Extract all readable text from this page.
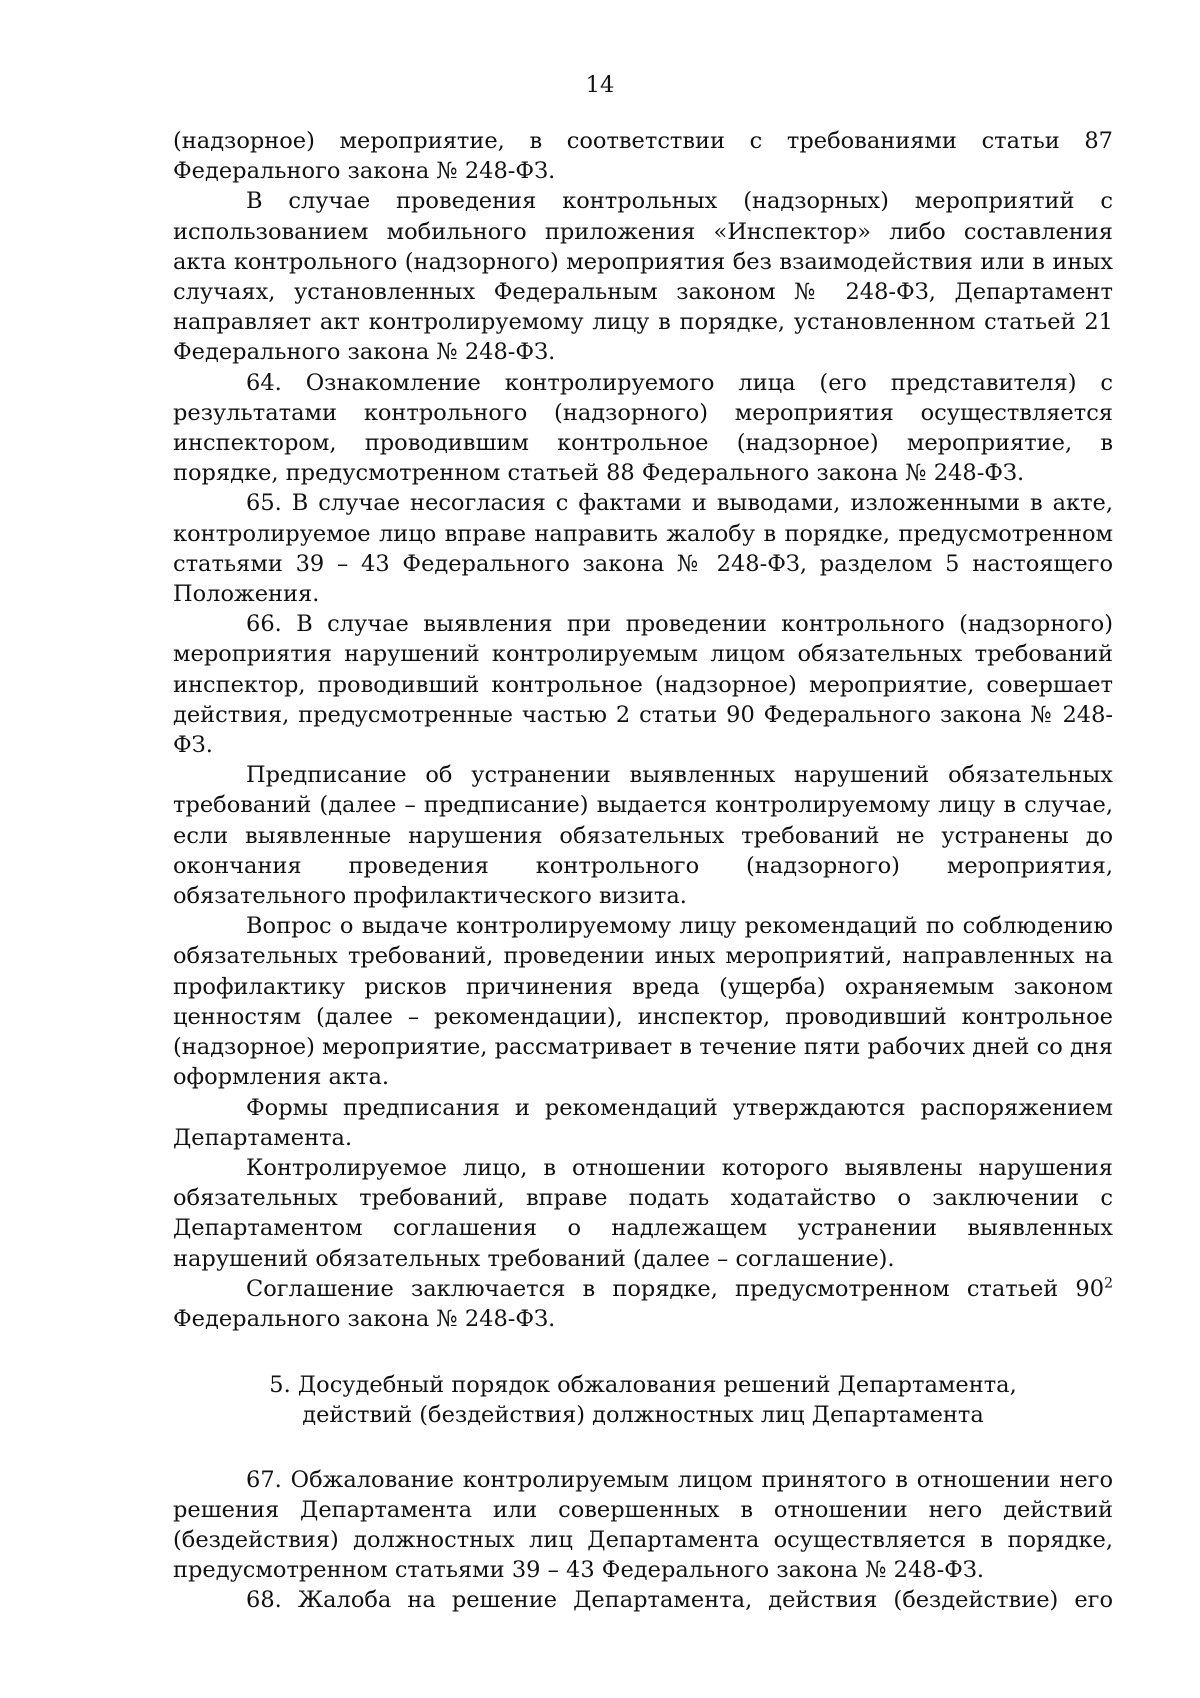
14

(надзорное) мероприятие, в соответствии с требованиями статьи 87 Федерального закона № 248-ФЗ.

В случае проведения контрольных (надзорных) мероприятий с использованием мобильного приложения «Инспектор» либо составления акта контрольного (надзорного) мероприятия без взаимодействия или в иных случаях, установленных Федеральным законом № 248-ФЗ, Департамент направляет акт контролируемому лицу в порядке, установленном статьей 21 Федерального закона № 248-ФЗ.

64. Ознакомление контролируемого лица (его представителя) с результатами контрольного (надзорного) мероприятия осуществляется инспектором, проводившим контрольное (надзорное) мероприятие, в порядке, предусмотренном статьей 88 Федерального закона № 248-ФЗ.

65. В случае несогласия с фактами и выводами, изложенными в акте, контролируемое лицо вправе направить жалобу в порядке, предусмотренном статьями 39 – 43 Федерального закона № 248-ФЗ, разделом 5 настоящего Положения.

66. В случае выявления при проведении контрольного (надзорного) мероприятия нарушений контролируемым лицом обязательных требований инспектор, проводивший контрольное (надзорное) мероприятие, совершает действия, предусмотренные частью 2 статьи 90 Федерального закона № 248-ФЗ.

Предписание об устранении выявленных нарушений обязательных требований (далее – предписание) выдается контролируемому лицу в случае, если выявленные нарушения обязательных требований не устранены до окончания проведения контрольного (надзорного) мероприятия, обязательного профилактического визита.

Вопрос о выдаче контролируемому лицу рекомендаций по соблюдению обязательных требований, проведении иных мероприятий, направленных на профилактику рисков причинения вреда (ущерба) охраняемым законом ценностям (далее – рекомендации), инспектор, проводивший контрольное (надзорное) мероприятие, рассматривает в течение пяти рабочих дней со дня оформления акта.

Формы предписания и рекомендаций утверждаются распоряжением Департамента.

Контролируемое лицо, в отношении которого выявлены нарушения обязательных требований, вправе подать ходатайство о заключении с Департаментом соглашения о надлежащем устранении выявленных нарушений обязательных требований (далее – соглашение).

Соглашение заключается в порядке, предусмотренном статьей $90^2$

Федерального закона № 248-ФЗ.

5. Досудебный порядок обжалования решений Департамента,
действий (бездействия) должностных лиц Департамента

67. Обжалование контролируемым лицом принятого в отношении него решения Департамента или совершенных в отношении него действий (бездействия) должностных лиц Департамента осуществляется в порядке, предусмотренном статьями 39 – 43 Федерального закона № 248-ФЗ.

68. Жалоба на решение Департамента, действия (бездействие) его
